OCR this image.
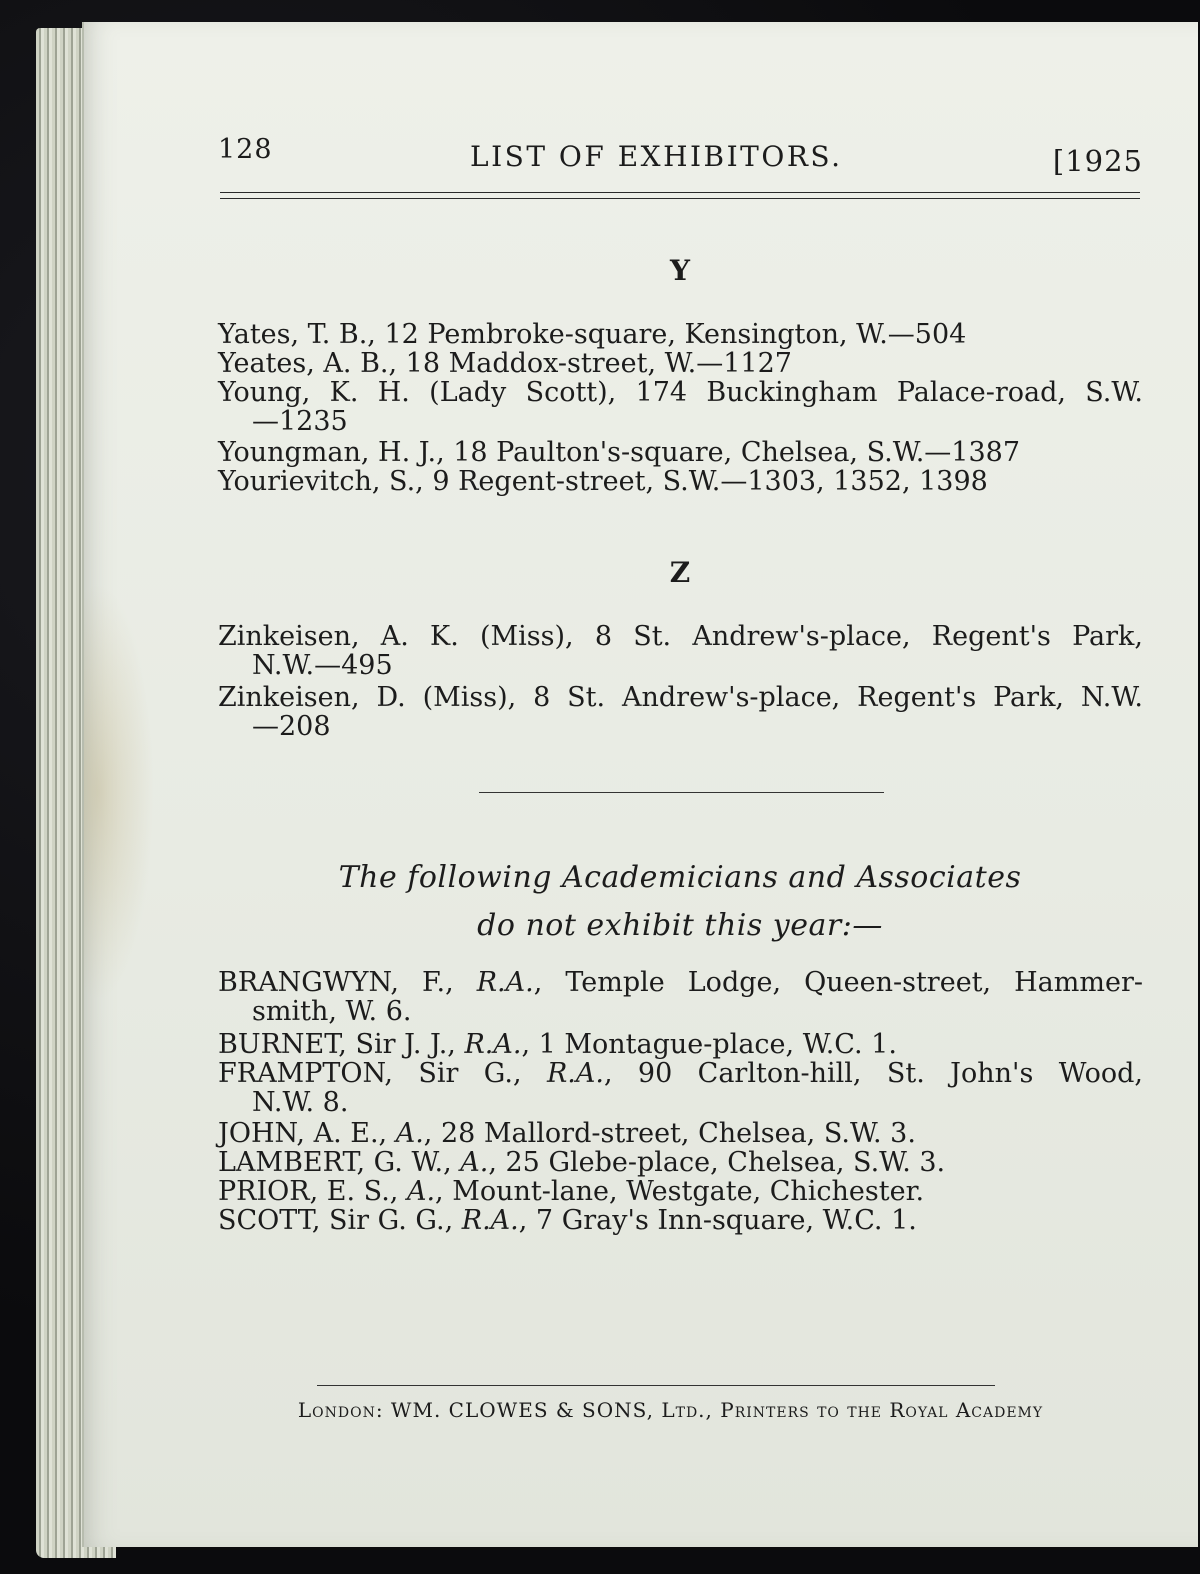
128	LIST OF EXHIBITORS.	[1925
Y
Yates, T. B., 12 Pembroke-square, Kensington, W.—504
Yeates, A. B., 18 Maddox-street, W.—1127
Young, K. H. (Lady Scott), 174 Buckingham Palace-road, S.W.
—1235
Youngman, H. J., 18 Paulton's-square, Chelsea, S.W.—1387
Yourievitch, S., 9 Regent-street, S.W.—1303, 1352, 1398
Z
Zinkeisen, A. K. (Miss), 8 St. Andrew's-place, Regent's Park,
N.W.—495
Zinkeisen, D. (Miss), 8 St. Andrew's-place, Regent's Park, N.W.
—208
The following Academicians and Associates
do not exhibit this year:—
BRANGWYN, F., R.A., Temple Lodge, Queen-street, Hammer-
smith, W. 6.
BURNET, Sir J. J., R.A., 1 Montague-place, W.C. 1.
FRAMPTON, Sir G., R.A., 90 Carlton-hill, St. John's Wood,
N.W. 8.
JOHN, A. E., A., 28 Mallord-street, Chelsea, S.W. 3.
LAMBERT, G. W., A., 25 Glebe-place, Chelsea, S.W. 3.
PRIOR, E. S., A., Mount-lane, Westgate, Chichester.
SCOTT, Sir G. G., R.A., 7 Gray's Inn-square, W.C. 1.
London: WM. CLOWES & SONS, Ltd., Printers to the Royal Academy
